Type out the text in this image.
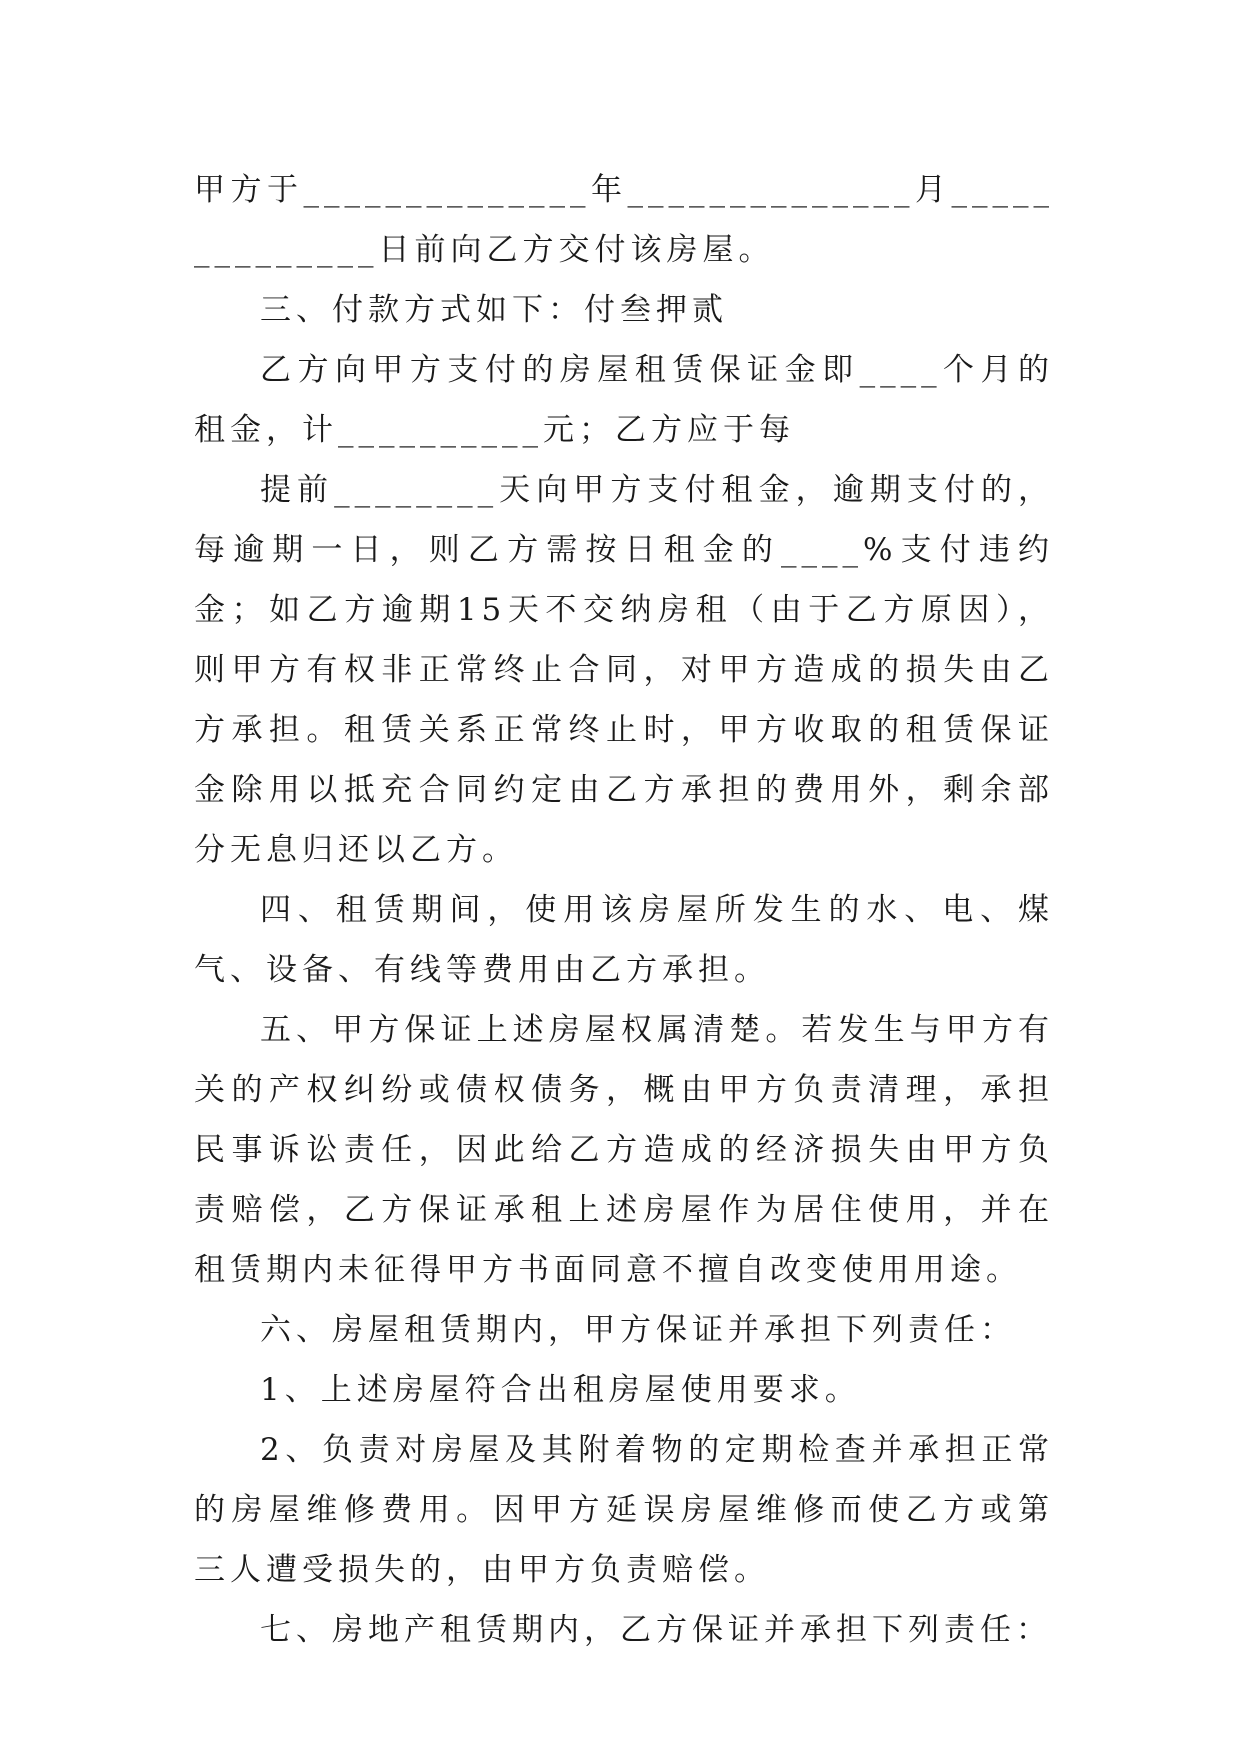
甲方于______________年______________月______________日前向乙方交付该房屋。

三、付款方式如下：付叁押贰

乙方向甲方支付的房屋租赁保证金即____个月的租金，计__________元；乙方应于每

提前________天向甲方支付租金，逾期支付的，每逾期一日，则乙方需按日租金的____%支付违约金；如乙方逾期15天不交纳房租（由于乙方原因），则甲方有权非正常终止合同，对甲方造成的损失由乙方承担。租赁关系正常终止时，甲方收取的租赁保证金除用以抵充合同约定由乙方承担的费用外，剩余部分无息归还以乙方。

四、租赁期间，使用该房屋所发生的水、电、煤气、设备、有线等费用由乙方承担。

五、甲方保证上述房屋权属清楚。若发生与甲方有关的产权纠纷或债权债务，概由甲方负责清理，承担民事诉讼责任，因此给乙方造成的经济损失由甲方负责赔偿，乙方保证承租上述房屋作为居住使用，并在租赁期内未征得甲方书面同意不擅自改变使用用途。

六、房屋租赁期内，甲方保证并承担下列责任：

1、上述房屋符合出租房屋使用要求。

2、负责对房屋及其附着物的定期检查并承担正常的房屋维修费用。因甲方延误房屋维修而使乙方或第三人遭受损失的，由甲方负责赔偿。

七、房地产租赁期内，乙方保证并承担下列责任：
